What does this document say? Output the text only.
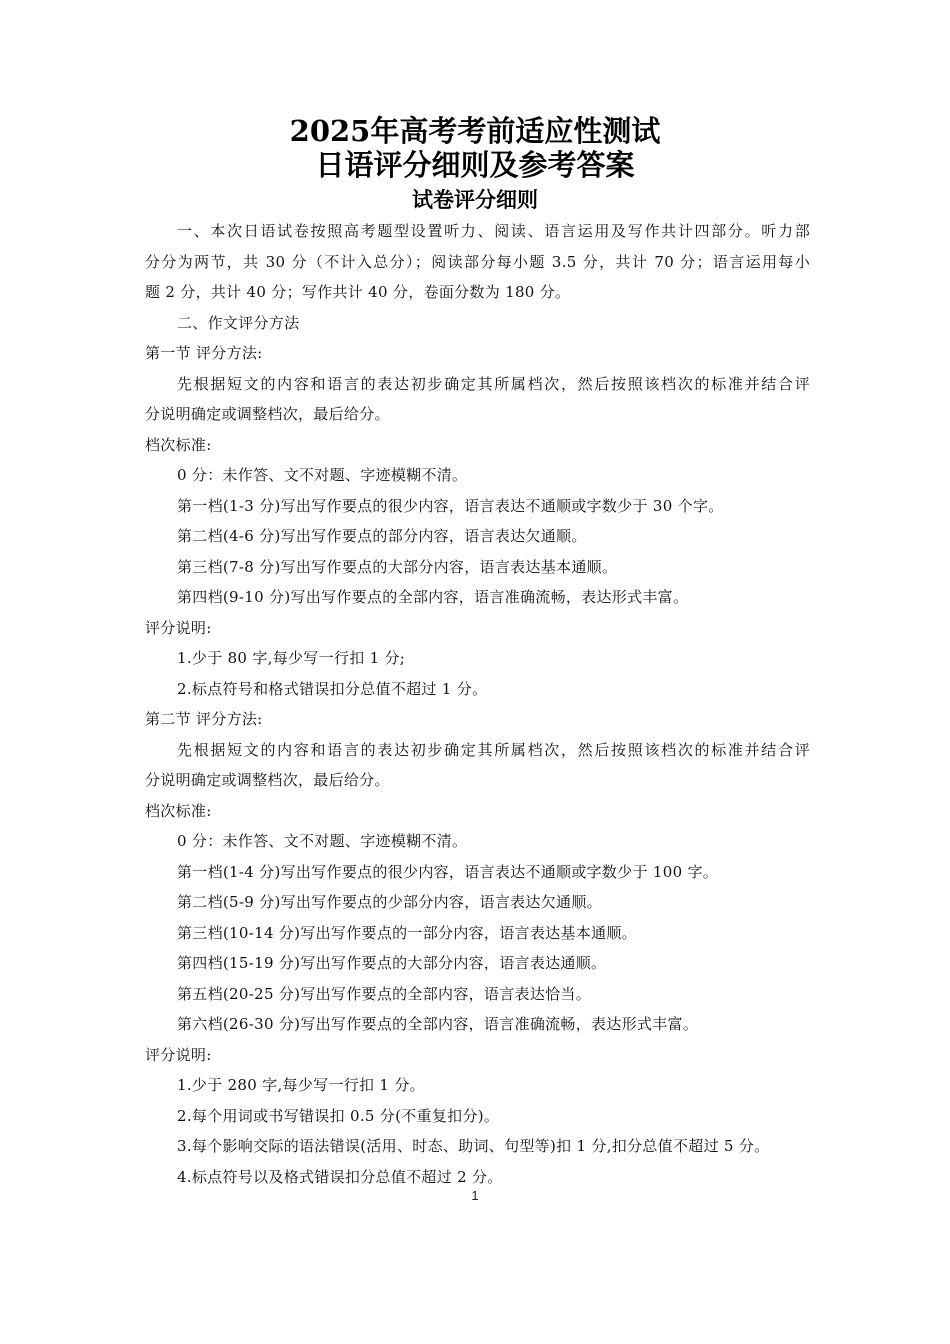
2025年高考考前适应性测试
日语评分细则及参考答案
试卷评分细则
一、本次日语试卷按照高考题型设置听力、阅读、语言运用及写作共计四部分。听力部
分分为两节，共 30 分（不计入总分）；阅读部分每小题 3.5 分，共计 70 分；语言运用每小
题 2 分，共计 40 分；写作共计 40 分，卷面分数为 180 分。
二、作文评分方法
第一节 评分方法:
先根据短文的内容和语言的表达初步确定其所属档次，然后按照该档次的标准并结合评
分说明确定或调整档次，最后给分。
档次标准:
0 分：未作答、文不对题、字迹模糊不清。
第一档(1-3 分)写出写作要点的很少内容，语言表达不通顺或字数少于 30 个字。
第二档(4-6 分)写出写作要点的部分内容，语言表达欠通顺。
第三档(7-8 分)写出写作要点的大部分内容，语言表达基本通顺。
第四档(9-10 分)写出写作要点的全部内容，语言准确流畅，表达形式丰富。
评分说明:
1.少于 80 字,每少写一行扣 1 分;
2.标点符号和格式错误扣分总值不超过 1 分。
第二节 评分方法:
先根据短文的内容和语言的表达初步确定其所属档次，然后按照该档次的标准并结合评
分说明确定或调整档次，最后给分。
档次标准:
0 分：未作答、文不对题、字迹模糊不清。
第一档(1-4 分)写出写作要点的很少内容，语言表达不通顺或字数少于 100 字。
第二档(5-9 分)写出写作要点的少部分内容，语言表达欠通顺。
第三档(10-14 分)写出写作要点的一部分内容，语言表达基本通顺。
第四档(15-19 分)写出写作要点的大部分内容，语言表达通顺。
第五档(20-25 分)写出写作要点的全部内容，语言表达恰当。
第六档(26-30 分)写出写作要点的全部内容，语言准确流畅，表达形式丰富。
评分说明:
1.少于 280 字,每少写一行扣 1 分。
2.每个用词或书写错误扣 0.5 分(不重复扣分)。
3.每个影响交际的语法错误(活用、时态、助词、句型等)扣 1 分,扣分总值不超过 5 分。
4.标点符号以及格式错误扣分总值不超过 2 分。
1
